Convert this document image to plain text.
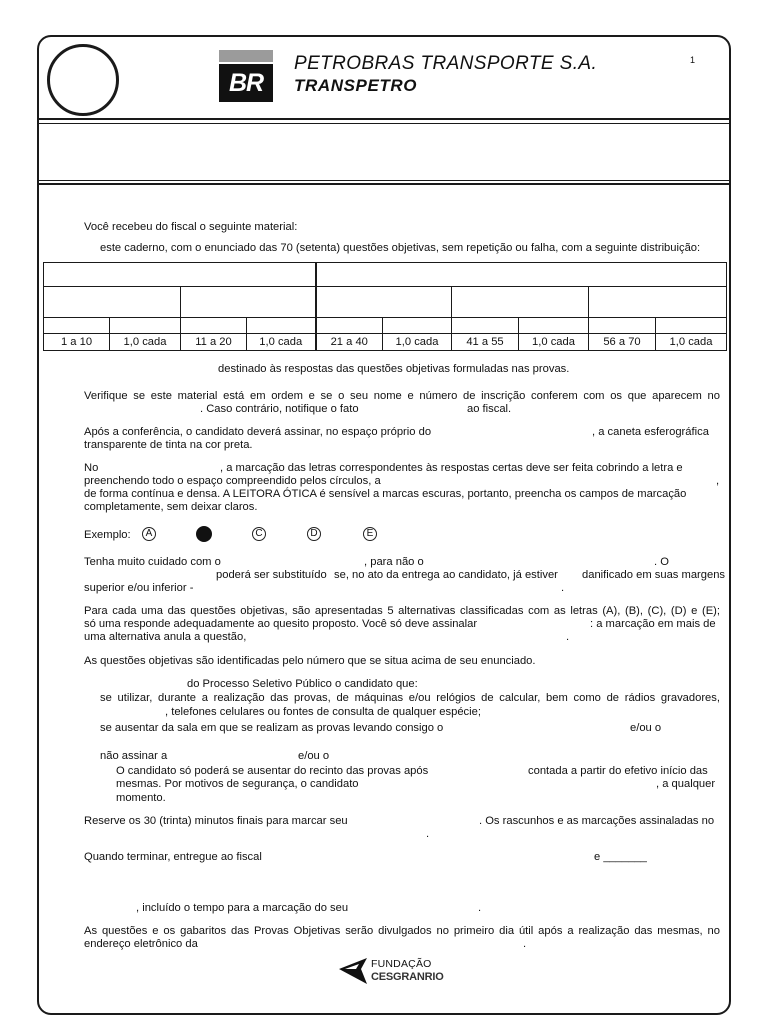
BR
PETROBRAS TRANSPORTE S.A.
TRANSPETRO
1
Você recebeu do fiscal o seguinte material:
este caderno, com o enunciado das 70 (setenta) questões objetivas, sem repetição ou falha, com a seguinte distribuição:

1 a 10	1,0 cada	11 a 20	1,0 cada	21 a 40	1,0 cada	41 a 55	1,0 cada	56 a 70	1,0 cada
destinado às respostas das questões objetivas formuladas nas provas.
Verifique se este material está em ordem e se o seu nome e número de inscrição conferem com os que aparecem no
. Caso contrário, notifique o fato	ao fiscal.
Após a conferência, o candidato deverá assinar, no espaço próprio do	, a caneta esferográfica
transparente de tinta na cor preta.
No	, a marcação das letras correspondentes às respostas certas deve ser feita cobrindo a letra e
preenchendo todo o espaço compreendido pelos círculos, a	,
de forma contínua e densa. A LEITORA ÓTICA é sensível a marcas escuras, portanto, preencha os campos de marcação
completamente, sem deixar claros.
Exemplo:	A	C	D	E
Tenha muito cuidado com o	, para não o	. O
poderá ser substituído se, no ato da entrega ao candidato, já estiver danificado em suas margens
superior e/ou inferior -	.
Para cada uma das questões objetivas, são apresentadas 5 alternativas classificadas com as letras (A), (B), (C), (D) e (E);
só uma responde adequadamente ao quesito proposto. Você só deve assinalar	: a marcação em mais de
uma alternativa anula a questão,	.
As questões objetivas são identificadas pelo número que se situa acima de seu enunciado.
do Processo Seletivo Público o candidato que:
se utilizar, durante a realização das provas, de máquinas e/ou relógios de calcular, bem como de rádios gravadores,
, telefones celulares ou fontes de consulta de qualquer espécie;
se ausentar da sala em que se realizam as provas levando consigo o	e/ou o
não assinar a	e/ou o
O candidato só poderá se ausentar do recinto das provas após	contada a partir do efetivo início das
mesmas. Por motivos de segurança, o candidato	, a qualquer
momento.
Reserve os 30 (trinta) minutos finais para marcar seu	. Os rascunhos e as marcações assinaladas no
.
Quando terminar, entregue ao fiscal	e _______
, incluído o tempo para a marcação do seu	.
As questões e os gabaritos das Provas Objetivas serão divulgados no primeiro dia útil após a realização das mesmas, no
endereço eletrônico da	.
FUNDAÇÃO
CESGRANRIO
